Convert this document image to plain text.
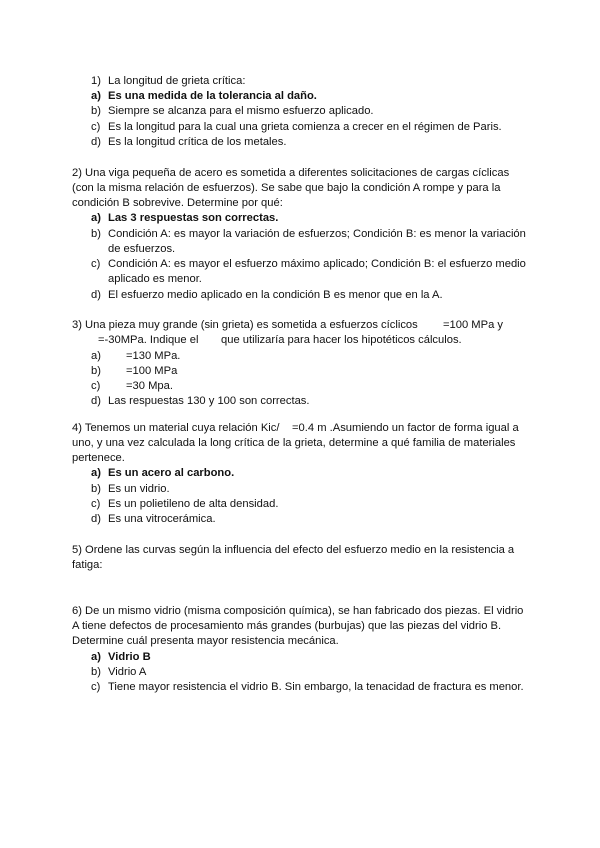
1) La longitud de grieta crítica:
a) Es una medida de la tolerancia al daño.
b) Siempre se alcanza para el mismo esfuerzo aplicado.
c) Es la longitud para la cual una grieta comienza a crecer en el régimen de Paris.
d) Es la longitud crítica de los metales.
2) Una viga pequeña de acero es sometida a diferentes solicitaciones de cargas cíclicas
(con la misma relación de esfuerzos). Se sabe que bajo la condición A rompe y para la
condición B sobrevive. Determine por qué:
a) Las 3 respuestas son correctas.
b) Condición A: es mayor la variación de esfuerzos; Condición B: es menor la variación
de esfuerzos.
c) Condición A: es mayor el esfuerzo máximo aplicado; Condición B: el esfuerzo medio
aplicado es menor.
d) El esfuerzo medio aplicado en la condición B es menor que en la A.
3) Una pieza muy grande (sin grieta) es sometida a esfuerzos cíclicos =100 MPa y
=-30MPa. Indique el que utilizaría para hacer los hipotéticos cálculos.
a) =130 MPa.
b) =100 MPa
c) =30 Mpa.
d) Las respuestas 130 y 100 son correctas.
4) Tenemos un material cuya relación Kic/ =0.4 m .Asumiendo un factor de forma igual a
uno, y una vez calculada la long crítica de la grieta, determine a qué familia de materiales
pertenece.
a) Es un acero al carbono.
b) Es un vidrio.
c) Es un polietileno de alta densidad.
d) Es una vitrocerámica.
5) Ordene las curvas según la influencia del efecto del esfuerzo medio en la resistencia a
fatiga:
6) De un mismo vidrio (misma composición química), se han fabricado dos piezas. El vidrio
A tiene defectos de procesamiento más grandes (burbujas) que las piezas del vidrio B.
Determine cuál presenta mayor resistencia mecánica.
a) Vidrio B
b) Vidrio A
c) Tiene mayor resistencia el vidrio B. Sin embargo, la tenacidad de fractura es menor.
